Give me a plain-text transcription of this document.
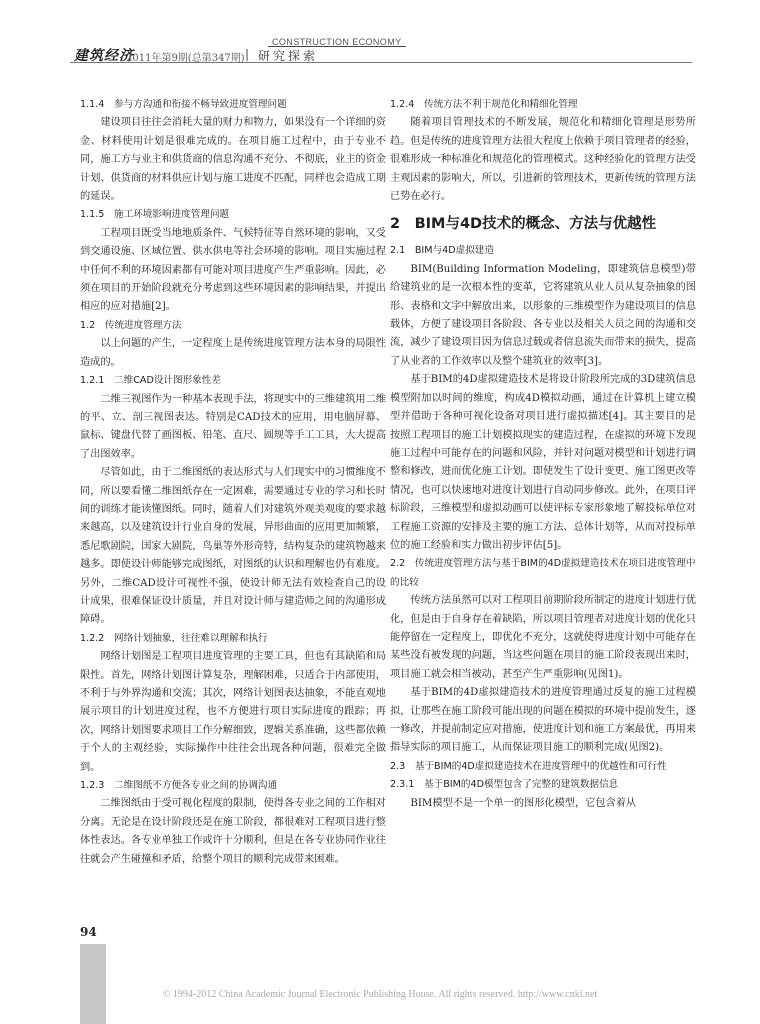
CONSTRUCTION ECONOMY
建筑经济
2011年第9期(总第347期) | 研究探索
1.1.4　参与方沟通和衔接不畅导致进度管理问题

建设项目往往会消耗大量的财力和物力，如果没有一个详细的资金、材料使用计划是很难完成的。在项目施工过程中，由于专业不同，施工方与业主和供货商的信息沟通不充分、不彻底，业主的资金计划、供货商的材料供应计划与施工进度不匹配，同样也会造成工期的延误。

1.1.5　施工环境影响进度管理问题

工程项目既受当地地质条件、气候特征等自然环境的影响，又受到交通设施、区域位置、供水供电等社会环境的影响。项目实施过程中任何不利的环境因素都有可能对项目进度产生严重影响。因此，必须在项目的开始阶段就充分考虑到这些环境因素的影响结果，并提出相应的应对措施[2]。

1.2　传统进度管理方法

以上问题的产生，一定程度上是传统进度管理方法本身的局限性造成的。

1.2.1　二维CAD设计图形象性差

二维三视图作为一种基本表现手法，将现实中的三维建筑用二维的平、立、剖三视图表达。特别是CAD技术的应用，用电脑屏幕、鼠标、键盘代替了画图板、铅笔、直尺、圆规等手工工具，大大提高了出图效率。

尽管如此，由于二维图纸的表达形式与人们现实中的习惯维度不同，所以要看懂二维图纸存在一定困难，需要通过专业的学习和长时间的训练才能读懂图纸。同时，随着人们对建筑外观美观度的要求越来越高，以及建筑设计行业自身的发展，异形曲面的应用更加频繁，悉尼歌剧院，国家大剧院，鸟巢等外形奇特，结构复杂的建筑物越来越多。即使设计师能够完成图纸，对图纸的认识和理解也仍有难度。另外，二维CAD设计可视性不强，使设计师无法有效检查自己的设计成果，很难保证设计质量，并且对设计师与建造师之间的沟通形成障碍。

1.2.2　网络计划抽象，往往难以理解和执行

网络计划图是工程项目进度管理的主要工具，但也有其缺陷和局限性。首先，网络计划图计算复杂，理解困难，只适合于内部使用，不利于与外界沟通和交流；其次，网络计划图表达抽象，不能直观地展示项目的计划进度过程，也不方便进行项目实际进度的跟踪；再次，网络计划图要求项目工作分解细致，逻辑关系准确，这些都依赖于个人的主观经验，实际操作中往往会出现各种问题，很难完全做到。

1.2.3　二维图纸不方便各专业之间的协调沟通

二维图纸由于受可视化程度的限制，使得各专业之间的工作相对分离。无论是在设计阶段还是在施工阶段，都很难对工程项目进行整体性表达。各专业单独工作或许十分顺利，但是在各专业协同作业往往就会产生碰撞和矛盾，给整个项目的顺利完成带来困难。

1.2.4　传统方法不利于规范化和精细化管理

随着项目管理技术的不断发展，规范化和精细化管理是形势所趋。但是传统的进度管理方法很大程度上依赖于项目管理者的经验，很难形成一种标准化和规范化的管理模式。这种经验化的管理方法受主观因素的影响大，所以，引进新的管理技术，更新传统的管理方法已势在必行。

2　BIM与4D技术的概念、方法与优越性
2.1　BIM与4D虚拟建造

BIM(Building Information Modeling，即建筑信息模型)带给建筑业的是一次根本性的变革，它将建筑从业人员从复杂抽象的图形、表格和文字中解放出来，以形象的三维模型作为建设项目的信息载体，方便了建设项目各阶段、各专业以及相关人员之间的沟通和交流，减少了建设项目因为信息过载或者信息流失而带来的损失，提高了从业者的工作效率以及整个建筑业的效率[3]。

基于BIM的4D虚拟建造技术是将设计阶段所完成的3D建筑信息模型附加以时间的维度，构成4D模拟动画，通过在计算机上建立模型并借助于各种可视化设备对项目进行虚拟描述[4]。其主要目的是按照工程项目的施工计划模拟现实的建造过程，在虚拟的环境下发现施工过程中可能存在的问题和风险，并针对问题对模型和计划进行调整和修改，进而优化施工计划。即使发生了设计变更、施工图更改等情况，也可以快速地对进度计划进行自动同步修改。此外，在项目评标阶段，三维模型和虚拟动画可以使评标专家形象地了解投标单位对工程施工资源的安排及主要的施工方法、总体计划等，从而对投标单位的施工经验和实力做出初步评估[5]。

2.2　传统进度管理方法与基于BIM的4D虚拟建造技术在项目进度管理中的比较

传统方法虽然可以对工程项目前期阶段所制定的进度计划进行优化，但是由于自身存在着缺陷，所以项目管理者对进度计划的优化只能停留在一定程度上，即优化不充分，这就使得进度计划中可能存在某些没有被发现的问题，当这些问题在项目的施工阶段表现出来时，项目施工就会相当被动，甚至产生严重影响(见图1)。

基于BIM的4D虚拟建造技术的进度管理通过反复的施工过程模拟，让那些在施工阶段可能出现的问题在模拟的环境中提前发生，逐一修改，并提前制定应对措施，使进度计划和施工方案最优，再用来指导实际的项目施工，从而保证项目施工的顺利完成(见图2)。

2.3　基于BIM的4D虚拟建造技术在进度管理中的优越性和可行性
2.3.1　基于BIM的4D模型包含了完整的建筑数据信息

BIM模型不是一个单一的图形化模型，它包含着从

94
© 1994-2012 China Academic Journal Electronic Publishing House. All rights reserved. http://www.cnki.net
